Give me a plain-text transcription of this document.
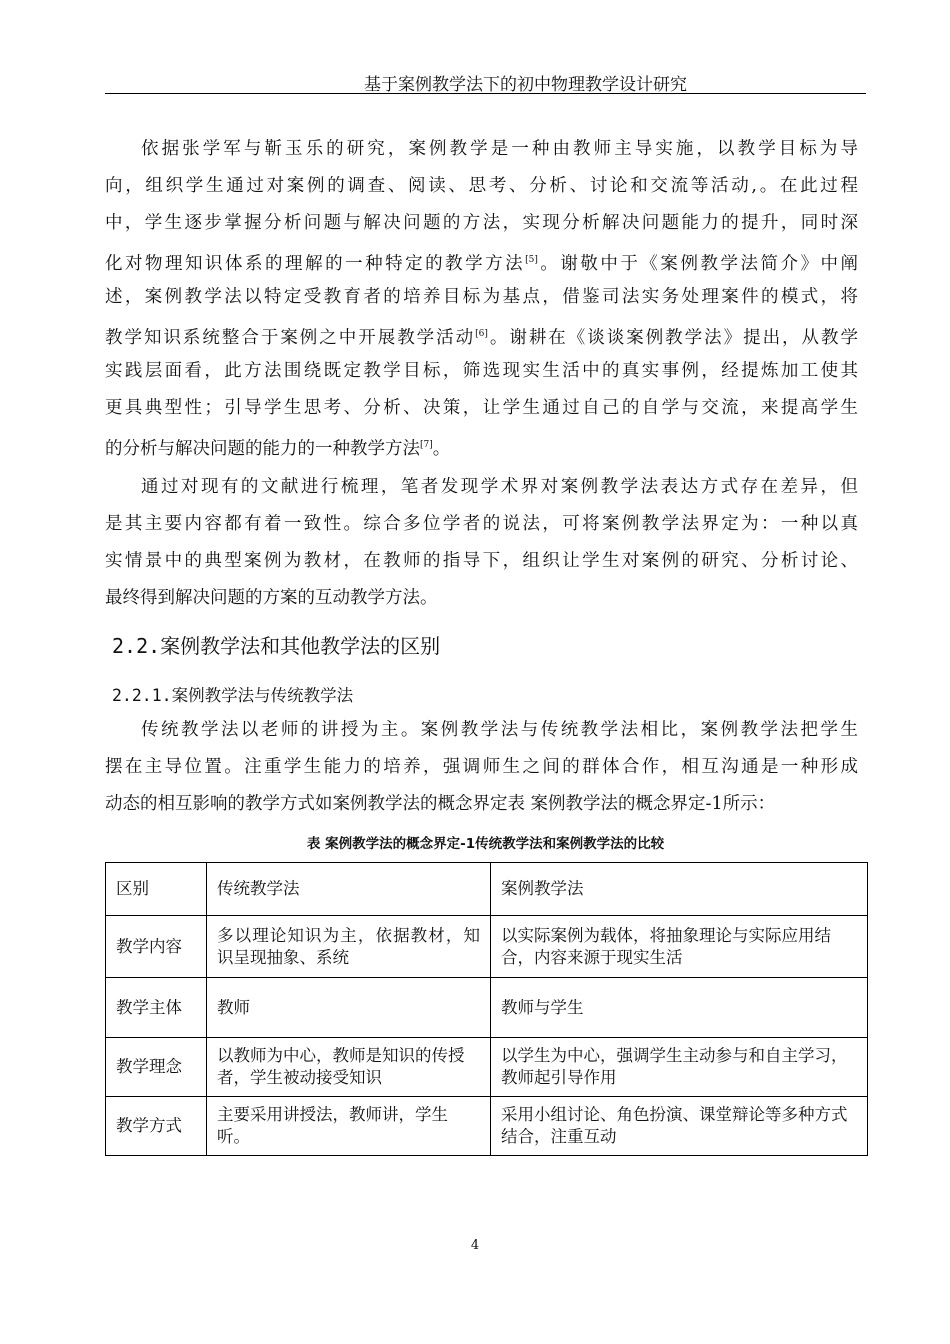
基于案例教学法下的初中物理教学设计研究
依据张学军与靳玉乐的研究，案例教学是一种由教师主导实施，以教学目标为导
向，组织学生通过对案例的调查、阅读、思考、分析、讨论和交流等活动,。在此过程
中，学生逐步掌握分析问题与解决问题的方法，实现分析解决问题能力的提升，同时深
化对物理知识体系的理解的一种特定的教学方法[5]。谢敬中于《案例教学法简介》中阐
述，案例教学法以特定受教育者的培养目标为基点，借鉴司法实务处理案件的模式，将
教学知识系统整合于案例之中开展教学活动[6]。谢耕在《谈谈案例教学法》提出，从教学
实践层面看，此方法围绕既定教学目标，筛选现实生活中的真实事例，经提炼加工使其
更具典型性；引导学生思考、分析、决策，让学生通过自己的自学与交流，来提高学生
的分析与解决问题的能力的一种教学方法[7]。
通过对现有的文献进行梳理，笔者发现学术界对案例教学法表达方式存在差异，但
是其主要内容都有着一致性。综合多位学者的说法，可将案例教学法界定为：一种以真
实情景中的典型案例为教材，在教师的指导下，组织让学生对案例的研究、分析讨论、
最终得到解决问题的方案的互动教学方法。
2.2.案例教学法和其他教学法的区别
2.2.1.案例教学法与传统教学法
传统教学法以老师的讲授为主。案例教学法与传统教学法相比，案例教学法把学生
摆在主导位置。注重学生能力的培养，强调师生之间的群体合作，相互沟通是一种形成
动态的相互影响的教学方式如案例教学法的概念界定表 案例教学法的概念界定-1所示：
表 案例教学法的概念界定-1传统教学法和案例教学法的比较
区别	传统教学法	案例教学法
教学内容	多以理论知识为主，依据教材，知识呈现抽象、系统	以实际案例为载体，将抽象理论与实际应用结合，内容来源于现实生活
教学主体	教师	教师与学生
教学理念	以教师为中心，教师是知识的传授者，学生被动接受知识	以学生为中心，强调学生主动参与和自主学习，教师起引导作用
教学方式	主要采用讲授法，教师讲，学生听。	采用小组讨论、角色扮演、课堂辩论等多种方式结合，注重互动
4
